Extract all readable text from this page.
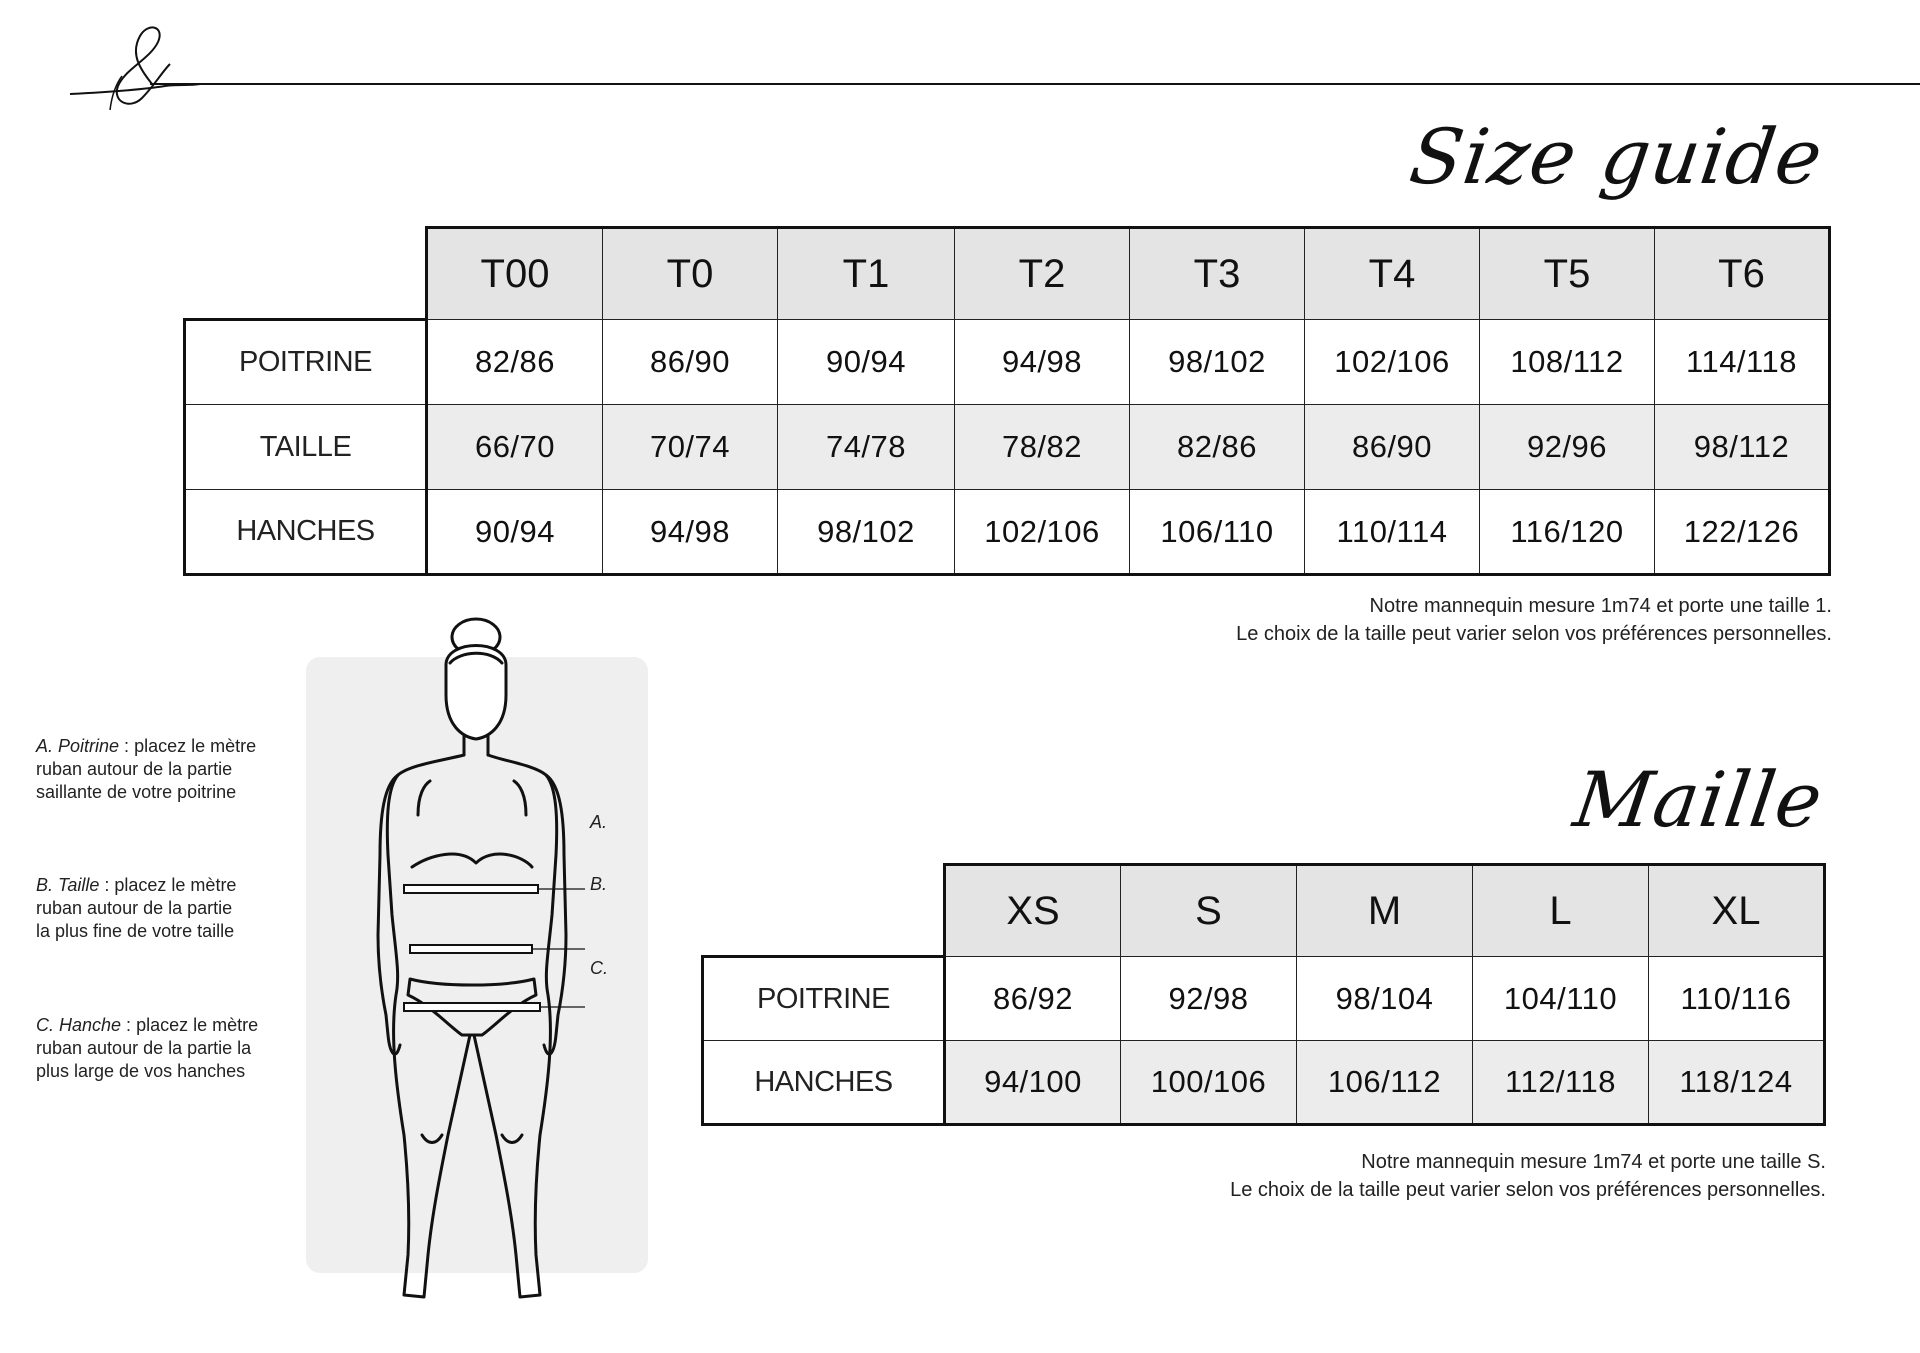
Size guide
Maille
	T00	T0	T1	T2	T3	T4	T5	T6
POITRINE	82/86	86/90	90/94	94/98	98/102	102/106	108/112	114/118
TAILLE	66/70	70/74	74/78	78/82	82/86	86/90	92/96	98/112
HANCHES	90/94	94/98	98/102	102/106	106/110	110/114	116/120	122/126
Notre mannequin mesure 1m74 et porte une taille 1.
Le choix de la taille peut varier selon vos préférences personnelles.
	XS	S	M	L	XL
POITRINE	86/92	92/98	98/104	104/110	110/116
HANCHES	94/100	100/106	106/112	112/118	118/124
Notre mannequin mesure 1m74 et porte une taille S.
Le choix de la taille peut varier selon vos préférences personnelles.
A. Poitrine : placez le mètre
ruban autour de la partie
saillante de votre poitrine
B. Taille : placez le mètre
ruban autour de la partie
la plus fine de votre taille
C. Hanche : placez le mètre
ruban autour de la partie la
plus large de vos hanches
A.
B.
C.
